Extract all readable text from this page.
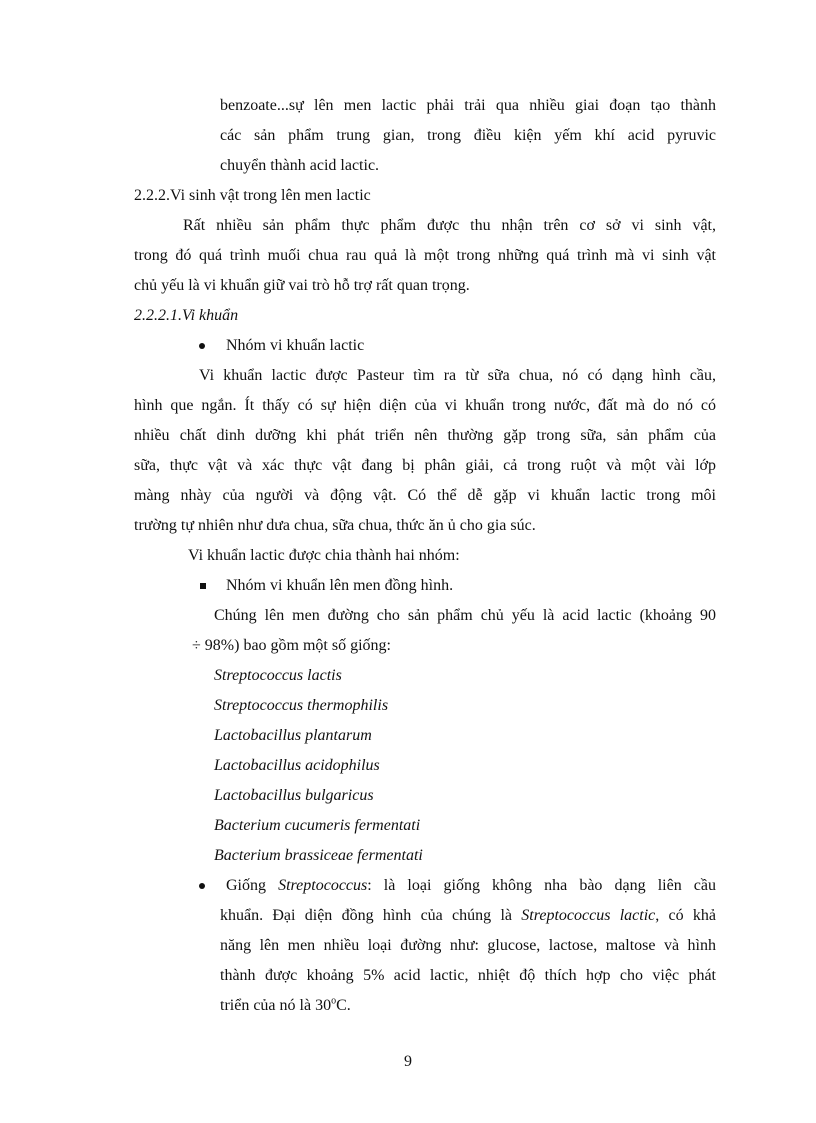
benzoate...sự lên men lactic phải trải qua nhiều giai đoạn tạo thành
các sản phẩm trung gian, trong điều kiện yếm khí acid pyruvic
chuyển thành acid lactic.
2.2.2.Vi sinh vật trong lên men lactic
Rất nhiều sản phẩm thực phẩm được thu nhận trên cơ sở vi sinh vật,
trong đó quá trình muối chua rau quả là một trong những quá trình mà vi sinh vật
chủ yếu là vi khuẩn giữ vai trò hỗ trợ rất quan trọng.
2.2.2.1.Vi khuẩn
Nhóm vi khuẩn lactic
Vi khuẩn lactic được Pasteur tìm ra từ sữa chua, nó có dạng hình cầu,
hình que ngắn. Ít thấy có sự hiện diện của vi khuẩn trong nước, đất mà do nó có
nhiều chất dinh dưỡng khi phát triển nên thường gặp trong sữa, sản phẩm của
sữa, thực vật và xác thực vật đang bị phân giải, cả trong ruột và một vài lớp
màng nhày của người và động vật. Có thể dễ gặp vi khuẩn lactic trong môi
trường tự nhiên như dưa chua, sữa chua, thức ăn ủ cho gia súc.
Vi khuẩn lactic được chia thành hai nhóm:
Nhóm vi khuẩn lên men đồng hình.
Chúng lên men đường cho sản phẩm chủ yếu là acid lactic (khoảng 90
÷ 98%) bao gồm một số giống:
Streptococcus lactis
Streptococcus thermophilis
Lactobacillus plantarum
Lactobacillus acidophilus
Lactobacillus bulgaricus
Bacterium cucumeris fermentati
Bacterium brassiceae fermentati
Giống Streptococcus: là loại giống không nha bào dạng liên cầu
khuẩn. Đại diện đồng hình của chúng là Streptococcus lactic, có khả
năng lên men nhiều loại đường như: glucose, lactose, maltose và hình
thành được khoảng 5% acid lactic, nhiệt độ thích hợp cho việc phát
triển của nó là 30$^o$C.
9
